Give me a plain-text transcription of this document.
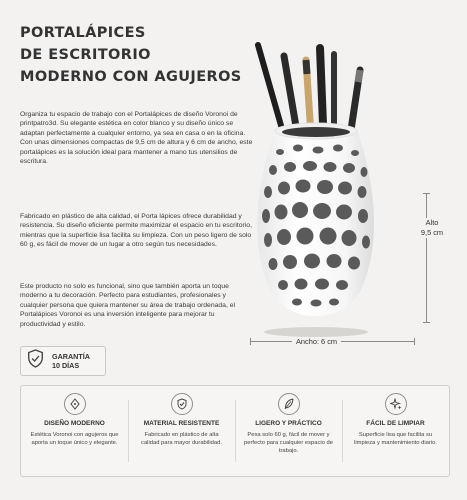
PORTALÁPICES
DE ESCRITORIO
MODERNO CON AGUJEROS

Organiza tu espacio de trabajo con el Portalápices de diseño Voronoi de printpatro3d. Su elegante estética en color blanco y su diseño único se adaptan perfectamente a cualquier entorno, ya sea en casa o en la oficina. Con unas dimensiones compactas de 9,5 cm de altura y 6 cm de ancho, este portalápices es la solución ideal para mantener a mano tus utensilios de escritura.

Fabricado en plástico de alta calidad, el Porta lápices ofrece durabilidad y resistencia. Su diseño eficiente permite maximizar el espacio en tu escritorio, mientras que la superficie lisa facilita su limpieza. Con un peso ligero de solo 60 g, es fácil de mover de un lugar a otro según tus necesidades.

Este producto no solo es funcional, sino que también aporta un toque moderno a tu decoración. Perfecto para estudiantes, profesionales y cualquier persona que quiera mantener su área de trabajo ordenada, el Portalápices Voronoi es una inversión inteligente para mejorar tu productividad y estilo.

GARANTÍA
10 DÍAS
Alto
9,5 cm
Ancho: 6 cm
DISEÑO MODERNO
Estética Voronoi con agujeros que aporta un toque único y elegante.
MATERIAL RESISTENTE
Fabricado en plástico de alta calidad para mayor durabilidad.
LIGERO Y PRÁCTICO
Pesa solo 60 g, fácil de mover y perfecto para cualquier espacio de trabajo.
FÁCIL DE LIMPIAR
Superficie lisa que facilita su limpieza y mantenimiento diario.
